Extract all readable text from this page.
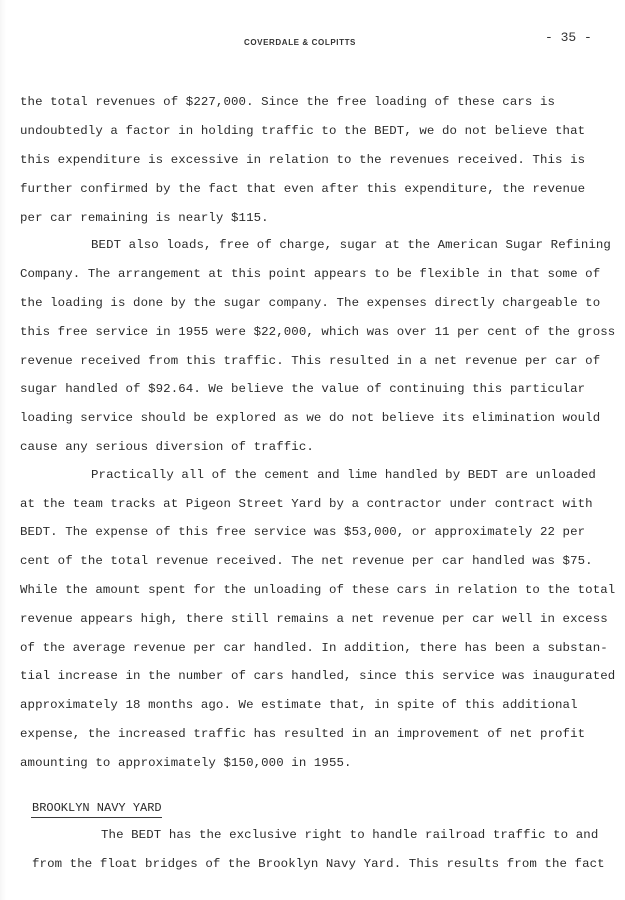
COVERDALE & COLPITTS	- 35 -
the total revenues of $227,000. Since the free loading of these cars is
undoubtedly a factor in holding traffic to the BEDT, we do not believe that
this expenditure is excessive in relation to the revenues received. This is
further confirmed by the fact that even after this expenditure, the revenue
per car remaining is nearly $115.
BEDT also loads, free of charge, sugar at the American Sugar Refining
Company. The arrangement at this point appears to be flexible in that some of
the loading is done by the sugar company. The expenses directly chargeable to
this free service in 1955 were $22,000, which was over 11 per cent of the gross
revenue received from this traffic. This resulted in a net revenue per car of
sugar handled of $92.64. We believe the value of continuing this particular
loading service should be explored as we do not believe its elimination would
cause any serious diversion of traffic.
Practically all of the cement and lime handled by BEDT are unloaded
at the team tracks at Pigeon Street Yard by a contractor under contract with
BEDT. The expense of this free service was $53,000, or approximately 22 per
cent of the total revenue received. The net revenue per car handled was $75.
While the amount spent for the unloading of these cars in relation to the total
revenue appears high, there still remains a net revenue per car well in excess
of the average revenue per car handled. In addition, there has been a substan-
tial increase in the number of cars handled, since this service was inaugurated
approximately 18 months ago. We estimate that, in spite of this additional
expense, the increased traffic has resulted in an improvement of net profit
amounting to approximately $150,000 in 1955.
BROOKLYN NAVY YARD
The BEDT has the exclusive right to handle railroad traffic to and
from the float bridges of the Brooklyn Navy Yard. This results from the fact
